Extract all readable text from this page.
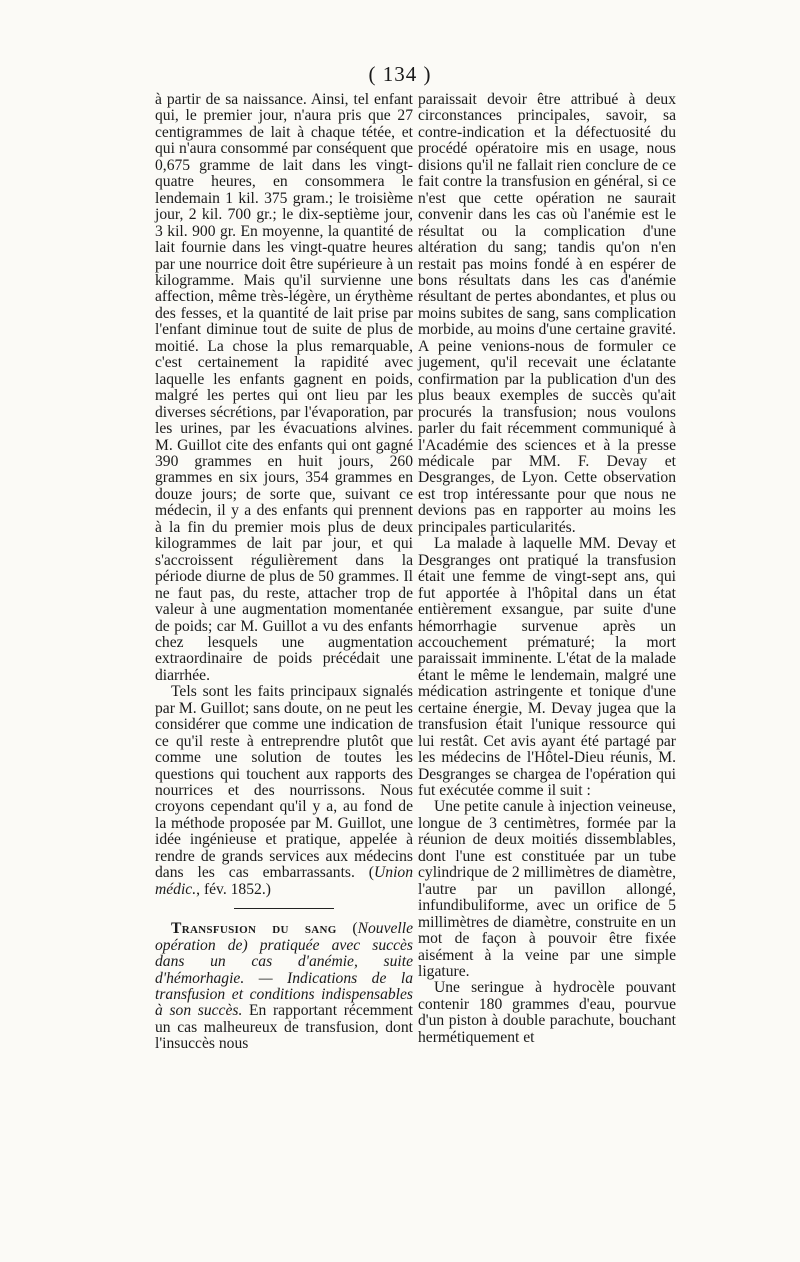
( 134 )

à partir de sa naissance. Ainsi, tel enfant qui, le premier jour, n'aura pris que 27 centigrammes de lait à chaque tétée, et qui n'aura consommé par conséquent que 0,675 gramme de lait dans les vingt-quatre heures, en consommera le lendemain 1 kil. 375 gram.; le troisième jour, 2 kil. 700 gr.; le dix-septième jour, 3 kil. 900 gr. En moyenne, la quantité de lait fournie dans les vingt-quatre heures par une nourrice doit être supérieure à un kilogramme. Mais qu'il survienne une affection, même très-légère, un érythème des fesses, et la quantité de lait prise par l'enfant diminue tout de suite de plus de moitié. La chose la plus remarquable, c'est certainement la rapidité avec laquelle les enfants gagnent en poids, malgré les pertes qui ont lieu par les diverses sécrétions, par l'évaporation, par les urines, par les évacuations alvines. M. Guillot cite des enfants qui ont gagné 390 grammes en huit jours, 260 grammes en six jours, 354 grammes en douze jours; de sorte que, suivant ce médecin, il y a des enfants qui prennent à la fin du premier mois plus de deux kilogrammes de lait par jour, et qui s'accroissent régulièrement dans la période diurne de plus de 50 grammes. Il ne faut pas, du reste, attacher trop de valeur à une augmentation momentanée de poids; car M. Guillot a vu des enfants chez lesquels une augmentation extraordinaire de poids précédait une diarrhée.

Tels sont les faits principaux signalés par M. Guillot; sans doute, on ne peut les considérer que comme une indication de ce qu'il reste à entreprendre plutôt que comme une solution de toutes les questions qui touchent aux rapports des nourrices et des nourrissons. Nous croyons cependant qu'il y a, au fond de la méthode proposée par M. Guillot, une idée ingénieuse et pratique, appelée à rendre de grands services aux médecins dans les cas embarrassants. (Union médic., fév. 1852.)

Transfusion du sang (Nouvelle opération de) pratiquée avec succès dans un cas d'anémie, suite d'hémorhagie. — Indications de la transfusion et conditions indispensables à son succès. En rapportant récemment un cas malheureux de transfusion, dont l'insuccès nous

paraissait devoir être attribué à deux circonstances principales, savoir, sa contre-indication et la défectuosité du procédé opératoire mis en usage, nous disions qu'il ne fallait rien conclure de ce fait contre la transfusion en général, si ce n'est que cette opération ne saurait convenir dans les cas où l'anémie est le résultat ou la complication d'une altération du sang; tandis qu'on n'en restait pas moins fondé à en espérer de bons résultats dans les cas d'anémie résultant de pertes abondantes, et plus ou moins subites de sang, sans complication morbide, au moins d'une certaine gravité. A peine venions-nous de formuler ce jugement, qu'il recevait une éclatante confirmation par la publication d'un des plus beaux exemples de succès qu'ait procurés la transfusion; nous voulons parler du fait récemment communiqué à l'Académie des sciences et à la presse médicale par MM. F. Devay et Desgranges, de Lyon. Cette observation est trop intéressante pour que nous ne devions pas en rapporter au moins les principales particularités.

La malade à laquelle MM. Devay et Desgranges ont pratiqué la transfusion était une femme de vingt-sept ans, qui fut apportée à l'hôpital dans un état entièrement exsangue, par suite d'une hémorrhagie survenue après un accouchement prématuré; la mort paraissait imminente. L'état de la malade étant le même le lendemain, malgré une médication astringente et tonique d'une certaine énergie, M. Devay jugea que la transfusion était l'unique ressource qui lui restât. Cet avis ayant été partagé par les médecins de l'Hôtel-Dieu réunis, M. Desgranges se chargea de l'opération qui fut exécutée comme il suit :

Une petite canule à injection veineuse, longue de 3 centimètres, formée par la réunion de deux moitiés dissemblables, dont l'une est constituée par un tube cylindrique de 2 millimètres de diamètre, l'autre par un pavillon allongé, infundibuliforme, avec un orifice de 5 millimètres de diamètre, construite en un mot de façon à pouvoir être fixée aisément à la veine par une simple ligature.

Une seringue à hydrocèle pouvant contenir 180 grammes d'eau, pourvue d'un piston à double parachute, bouchant hermétiquement et
